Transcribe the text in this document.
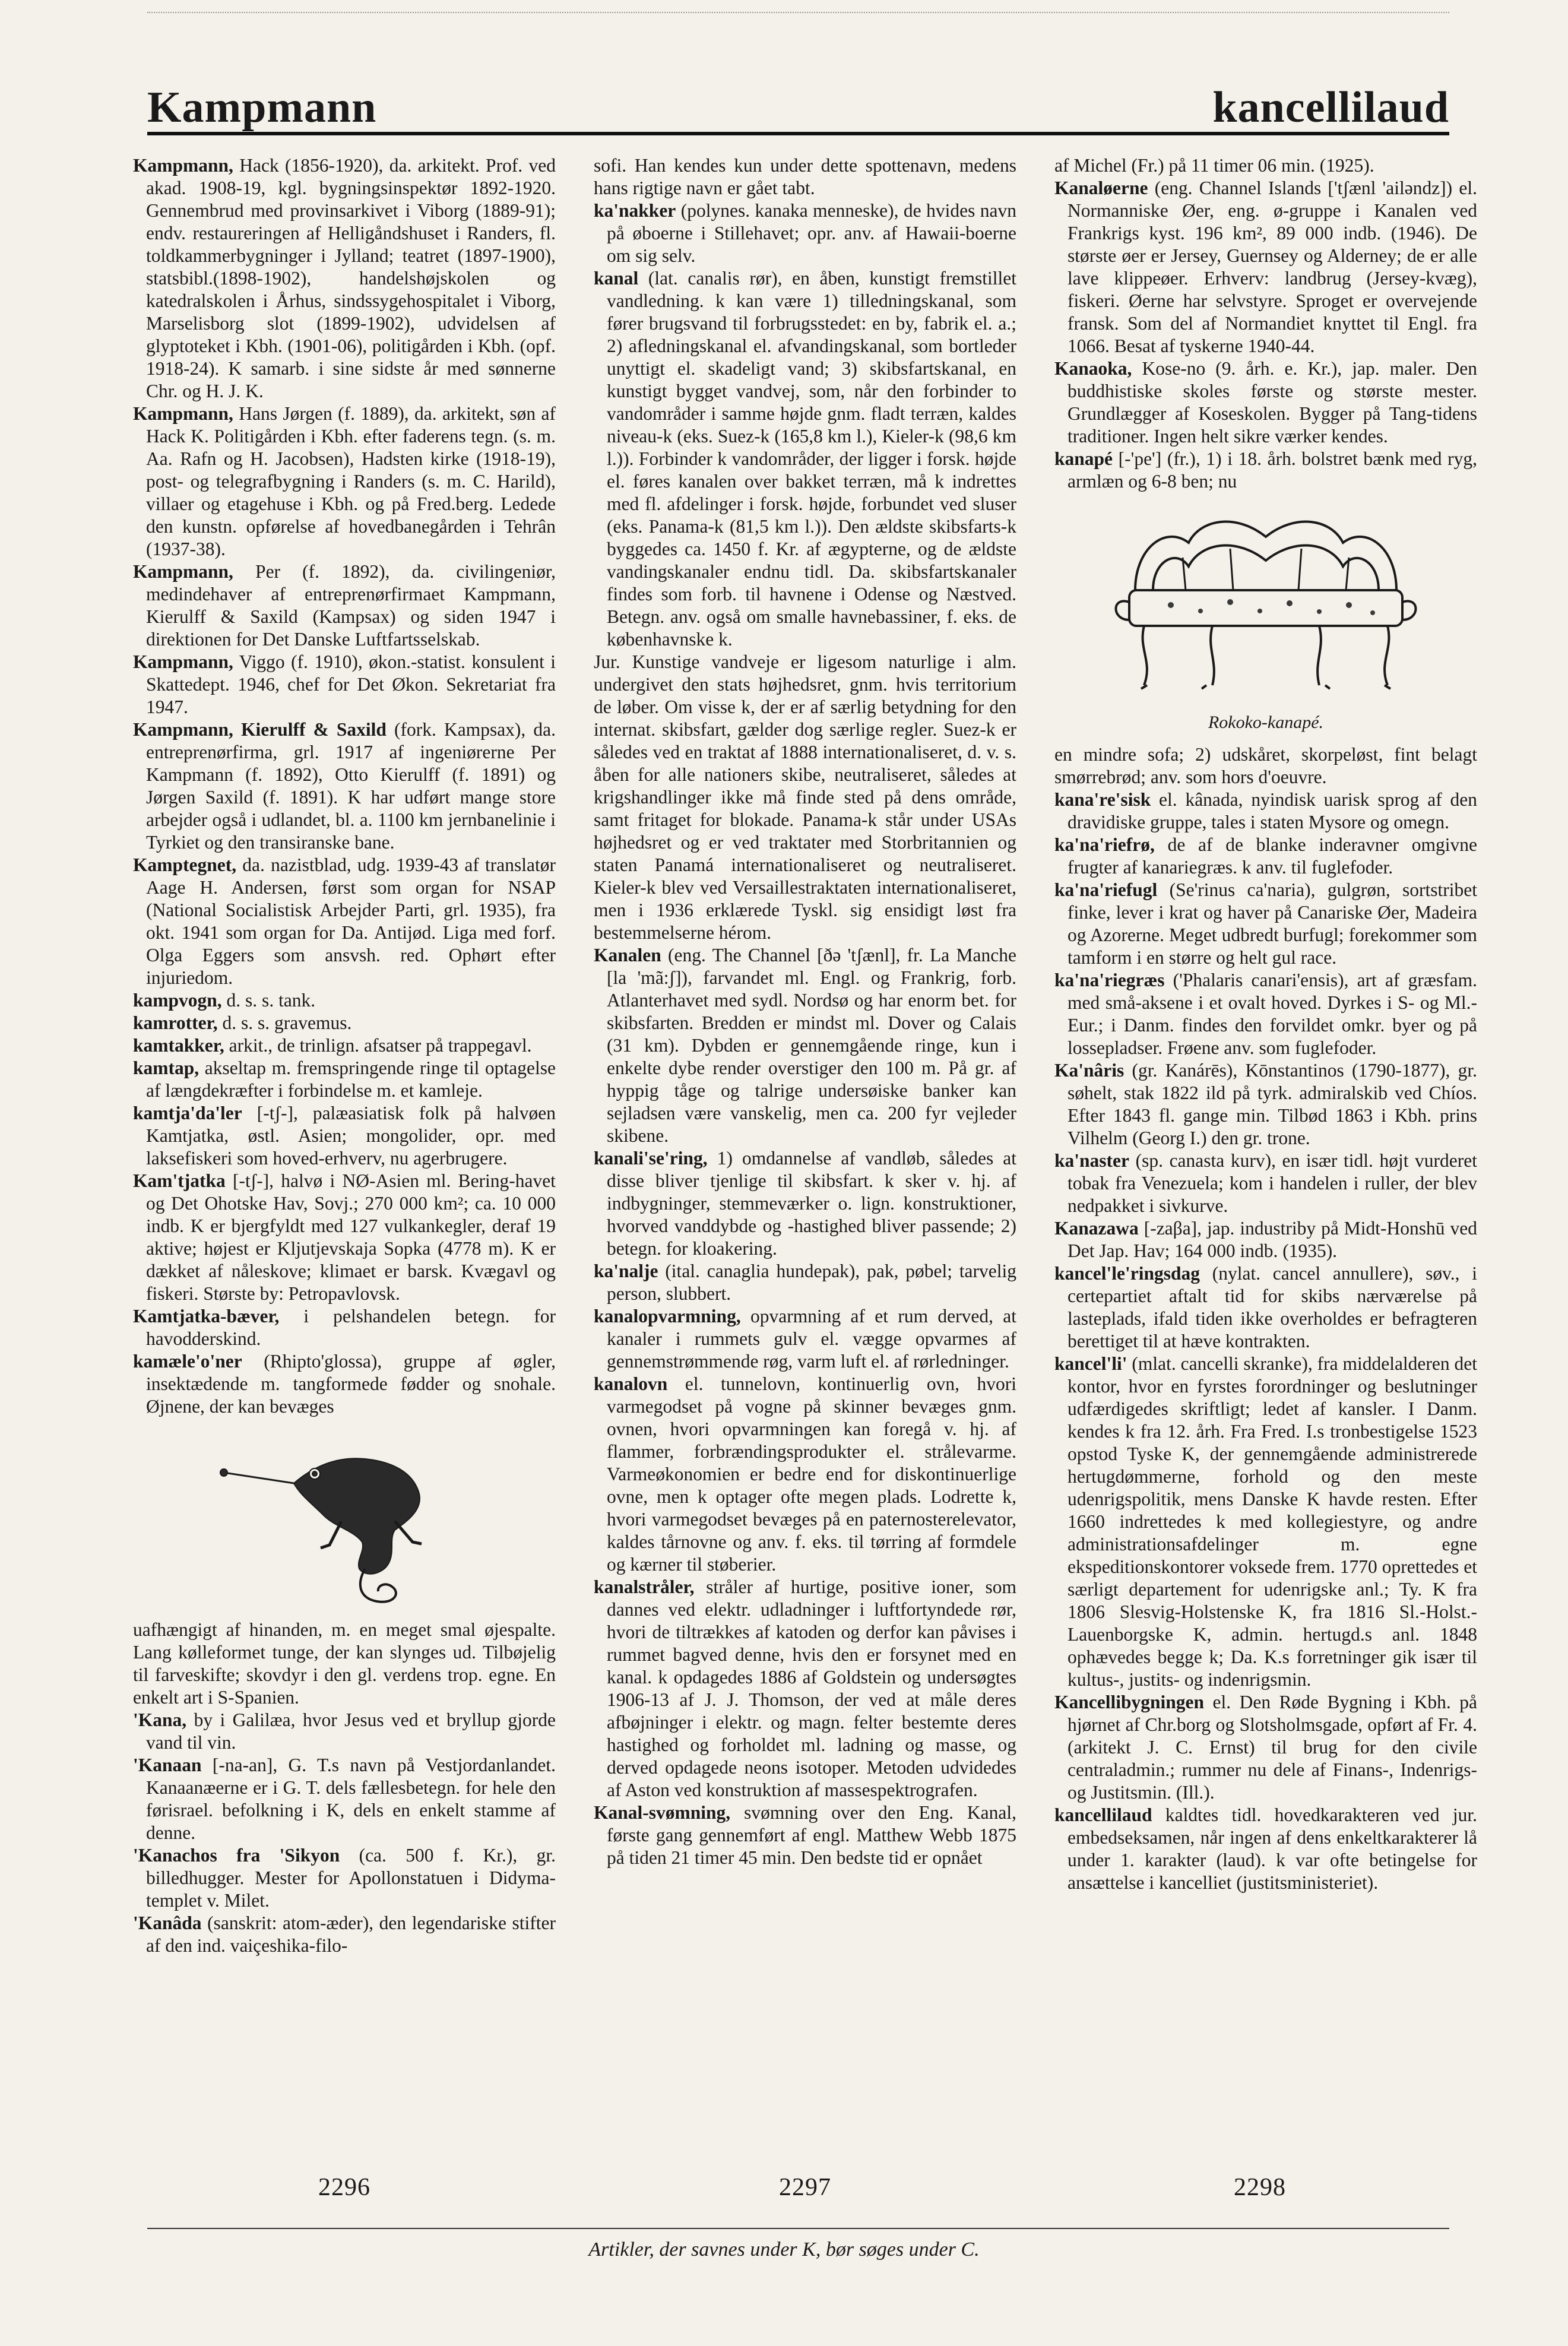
Kampmann	kancellilaud

Kampmann, Hack (1856-1920), da. arkitekt. Prof. ved akad. 1908-19, kgl. bygningsinspektør 1892-1920. Gennembrud med provinsarkivet i Viborg (1889-91); endv. restaureringen af Helligåndshuset i Randers, fl. toldkammerbygninger i Jylland; teatret (1897-1900), statsbibl.(1898-1902), handelshøjskolen og katedralskolen i Århus, sindssygehospitalet i Viborg, Marselisborg slot (1899-1902), udvidelsen af glyptoteket i Kbh. (1901-06), politigården i Kbh. (opf. 1918-24). K samarb. i sine sidste år med sønnerne Chr. og H. J. K.

Kampmann, Hans Jørgen (f. 1889), da. arkitekt, søn af Hack K. Politigården i Kbh. efter faderens tegn. (s. m. Aa. Rafn og H. Jacobsen), Hadsten kirke (1918-19), post- og telegrafbygning i Randers (s. m. C. Harild), villaer og etagehuse i Kbh. og på Fred.berg. Ledede den kunstn. opførelse af hovedbanegården i Tehrân (1937-38).

Kampmann, Per (f. 1892), da. civilingeniør, medindehaver af entreprenørfirmaet Kampmann, Kierulff & Saxild (Kampsax) og siden 1947 i direktionen for Det Danske Luftfartsselskab.

Kampmann, Viggo (f. 1910), økon.-statist. konsulent i Skattedept. 1946, chef for Det Økon. Sekretariat fra 1947.

Kampmann, Kierulff & Saxild (fork. Kampsax), da. entreprenørfirma, grl. 1917 af ingeniørerne Per Kampmann (f. 1892), Otto Kierulff (f. 1891) og Jørgen Saxild (f. 1891). K har udført mange store arbejder også i udlandet, bl. a. 1100 km jernbanelinie i Tyrkiet og den transiranske bane.

Kamptegnet, da. nazistblad, udg. 1939-43 af translatør Aage H. Andersen, først som organ for NSAP (National Socialistisk Arbejder Parti, grl. 1935), fra okt. 1941 som organ for Da. Antijød. Liga med forf. Olga Eggers som ansvsh. red. Ophørt efter injuriedom.

kampvogn, d. s. s. tank.

kamrotter, d. s. s. gravemus.

kamtakker, arkit., de trinlign. afsatser på trappegavl.

kamtap, akseltap m. fremspringende ringe til optagelse af længdekræfter i forbindelse m. et kamleje.

kamtja'da'ler [-tʃ-], palæasiatisk folk på halvøen Kamtjatka, østl. Asien; mongolider, opr. med laksefiskeri som hoved-erhverv, nu agerbrugere.

Kam'tjatka [-tʃ-], halvø i NØ-Asien ml. Bering-havet og Det Ohotske Hav, Sovj.; 270 000 km²; ca. 10 000 indb. K er bjergfyldt med 127 vulkankegler, deraf 19 aktive; højest er Kljutjevskaja Sopka (4778 m). K er dækket af nåleskove; klimaet er barsk. Kvægavl og fiskeri. Største by: Petropavlovsk.

Kamtjatka-bæver, i pelshandelen betegn. for havodderskind.

kamæle'o'ner (Rhipto'glossa), gruppe af øgler, insektædende m. tangformede fødder og snohale. Øjnene, der kan bevæges

uafhængigt af hinanden, m. en meget smal øjespalte. Lang kølleformet tunge, der kan slynges ud. Tilbøjelig til farveskifte; skovdyr i den gl. verdens trop. egne. En enkelt art i S-Spanien.

'Kana, by i Galilæa, hvor Jesus ved et bryllup gjorde vand til vin.

'Kanaan [-na-an], G. T.s navn på Vestjordanlandet. Kanaanæerne er i G. T. dels fællesbetegn. for hele den førisrael. befolkning i K, dels en enkelt stamme af denne.

'Kanachos fra 'Sikyon (ca. 500 f. Kr.), gr. billedhugger. Mester for Apollonstatuen i Didyma-templet v. Milet.

'Kanâda (sanskrit: atom-æder), den legendariske stifter af den ind. vaiçeshika-filo-

sofi. Han kendes kun under dette spottenavn, medens hans rigtige navn er gået tabt.

ka'nakker (polynes. kanaka menneske), de hvides navn på øboerne i Stillehavet; opr. anv. af Hawaii-boerne om sig selv.

kanal (lat. canalis rør), en åben, kunstigt fremstillet vandledning. k kan være 1) tilledningskanal, som fører brugsvand til forbrugsstedet: en by, fabrik el. a.; 2) afledningskanal el. afvandingskanal, som bortleder unyttigt el. skadeligt vand; 3) skibsfartskanal, en kunstigt bygget vandvej, som, når den forbinder to vandområder i samme højde gnm. fladt terræn, kaldes niveau-k (eks. Suez-k (165,8 km l.), Kieler-k (98,6 km l.)). Forbinder k vandområder, der ligger i forsk. højde el. føres kanalen over bakket terræn, må k indrettes med fl. afdelinger i forsk. højde, forbundet ved sluser (eks. Panama-k (81,5 km l.)). Den ældste skibsfarts-k byggedes ca. 1450 f. Kr. af ægypterne, og de ældste vandingskanaler endnu tidl. Da. skibsfartskanaler findes som forb. til havnene i Odense og Næstved. Betegn. anv. også om smalle havnebassiner, f. eks. de københavnske k.

Jur. Kunstige vandveje er ligesom naturlige i alm. undergivet den stats højhedsret, gnm. hvis territorium de løber. Om visse k, der er af særlig betydning for den internat. skibsfart, gælder dog særlige regler. Suez-k er således ved en traktat af 1888 internationaliseret, d. v. s. åben for alle nationers skibe, neutraliseret, således at krigshandlinger ikke må finde sted på dens område, samt fritaget for blokade. Panama-k står under USAs højhedsret og er ved traktater med Storbritannien og staten Panamá internationaliseret og neutraliseret. Kieler-k blev ved Versaillestraktaten internationaliseret, men i 1936 erklærede Tyskl. sig ensidigt løst fra bestemmelserne hérom.

Kanalen (eng. The Channel [ðə 'tʃænl], fr. La Manche [la 'mã:ʃ]), farvandet ml. Engl. og Frankrig, forb. Atlanterhavet med sydl. Nordsø og har enorm bet. for skibsfarten. Bredden er mindst ml. Dover og Calais (31 km). Dybden er gennemgående ringe, kun i enkelte dybe render overstiger den 100 m. På gr. af hyppig tåge og talrige undersøiske banker kan sejladsen være vanskelig, men ca. 200 fyr vejleder skibene.

kanali'se'ring, 1) omdannelse af vandløb, således at disse bliver tjenlige til skibsfart. k sker v. hj. af indbygninger, stemmeværker o. lign. konstruktioner, hvorved vanddybde og -hastighed bliver passende; 2) betegn. for kloakering.

ka'nalje (ital. canaglia hundepak), pak, pøbel; tarvelig person, slubbert.

kanalopvarmning, opvarmning af et rum derved, at kanaler i rummets gulv el. vægge opvarmes af gennemstrømmende røg, varm luft el. af rørledninger.

kanalovn el. tunnelovn, kontinuerlig ovn, hvori varmegodset på vogne på skinner bevæges gnm. ovnen, hvori opvarmningen kan foregå v. hj. af flammer, forbrændingsprodukter el. strålevarme. Varmeøkonomien er bedre end for diskontinuerlige ovne, men k optager ofte megen plads. Lodrette k, hvori varmegodset bevæges på en paternosterelevator, kaldes tårnovne og anv. f. eks. til tørring af formdele og kærner til støberier.

kanalstråler, stråler af hurtige, positive ioner, som dannes ved elektr. udladninger i luftfortyndede rør, hvori de tiltrækkes af katoden og derfor kan påvises i rummet bagved denne, hvis den er forsynet med en kanal. k opdagedes 1886 af Goldstein og undersøgtes 1906-13 af J. J. Thomson, der ved at måle deres afbøjninger i elektr. og magn. felter bestemte deres hastighed og forholdet ml. ladning og masse, og derved opdagede neons isotoper. Metoden udvidedes af Aston ved konstruktion af massespektrografen.

Kanal-svømning, svømning over den Eng. Kanal, første gang gennemført af engl. Matthew Webb 1875 på tiden 21 timer 45 min. Den bedste tid er opnået

af Michel (Fr.) på 11 timer 06 min. (1925).

Kanaløerne (eng. Channel Islands ['tʃænl 'ailəndz]) el. Normanniske Øer, eng. ø-gruppe i Kanalen ved Frankrigs kyst. 196 km², 89 000 indb. (1946). De største øer er Jersey, Guernsey og Alderney; de er alle lave klippeøer. Erhverv: landbrug (Jersey-kvæg), fiskeri. Øerne har selvstyre. Sproget er overvejende fransk. Som del af Normandiet knyttet til Engl. fra 1066. Besat af tyskerne 1940-44.

Kanaoka, Kose-no (9. årh. e. Kr.), jap. maler. Den buddhistiske skoles første og største mester. Grundlægger af Koseskolen. Bygger på Tang-tidens traditioner. Ingen helt sikre værker kendes.

kanapé [-'pe'] (fr.), 1) i 18. årh. bolstret bænk med ryg, armlæn og 6-8 ben; nu

Rokoko-kanapé.

en mindre sofa; 2) udskåret, skorpeløst, fint belagt smørrebrød; anv. som hors d'oeuvre.

kana're'sisk el. kânada, nyindisk uarisk sprog af den dravidiske gruppe, tales i staten Mysore og omegn.

ka'na'riefrø, de af de blanke inderavner omgivne frugter af kanariegræs. k anv. til fuglefoder.

ka'na'riefugl (Se'rinus ca'naria), gulgrøn, sortstribet finke, lever i krat og haver på Canariske Øer, Madeira og Azorerne. Meget udbredt burfugl; forekommer som tamform i en større og helt gul race.

ka'na'riegræs ('Phalaris canari'ensis), art af græsfam. med små-aksene i et ovalt hoved. Dyrkes i S- og Ml.-Eur.; i Danm. findes den forvildet omkr. byer og på lossepladser. Frøene anv. som fuglefoder.

Ka'nâris (gr. Kanárēs), Kōnstantinos (1790-1877), gr. søhelt, stak 1822 ild på tyrk. admiralskib ved Chíos. Efter 1843 fl. gange min. Tilbød 1863 i Kbh. prins Vilhelm (Georg I.) den gr. trone.

ka'naster (sp. canasta kurv), en især tidl. højt vurderet tobak fra Venezuela; kom i handelen i ruller, der blev nedpakket i sivkurve.

Kanazawa [-zaβa], jap. industriby på Midt-Honshū ved Det Jap. Hav; 164 000 indb. (1935).

kancel'le'ringsdag (nylat. cancel annullere), søv., i certepartiet aftalt tid for skibs nærværelse på lasteplads, ifald tiden ikke overholdes er befragteren berettiget til at hæve kontrakten.

kancel'li' (mlat. cancelli skranke), fra middelalderen det kontor, hvor en fyrstes forordninger og beslutninger udfærdigedes skriftligt; ledet af kansler. I Danm. kendes k fra 12. årh. Fra Fred. I.s tronbestigelse 1523 opstod Tyske K, der gennemgående administrerede hertugdømmerne, forhold og den meste udenrigspolitik, mens Danske K havde resten. Efter 1660 indrettedes k med kollegiestyre, og andre administrationsafdelinger m. egne ekspeditionskontorer voksede frem. 1770 oprettedes et særligt departement for udenrigske anl.; Ty. K fra 1806 Slesvig-Holstenske K, fra 1816 Sl.-Holst.-Lauenborgske K, admin. hertugd.s anl. 1848 ophævedes begge k; Da. K.s forretninger gik især til kultus-, justits- og indenrigsmin.

Kancellibygningen el. Den Røde Bygning i Kbh. på hjørnet af Chr.borg og Slotsholmsgade, opført af Fr. 4. (arkitekt J. C. Ernst) til brug for den civile centraladmin.; rummer nu dele af Finans-, Indenrigs- og Justitsmin. (Ill.).

kancellilaud kaldtes tidl. hovedkarakteren ved jur. embedseksamen, når ingen af dens enkeltkarakterer lå under 1. karakter (laud). k var ofte betingelse for ansættelse i kancelliet (justitsministeriet).

2296	2297	2298
Artikler, der savnes under K, bør søges under C.
